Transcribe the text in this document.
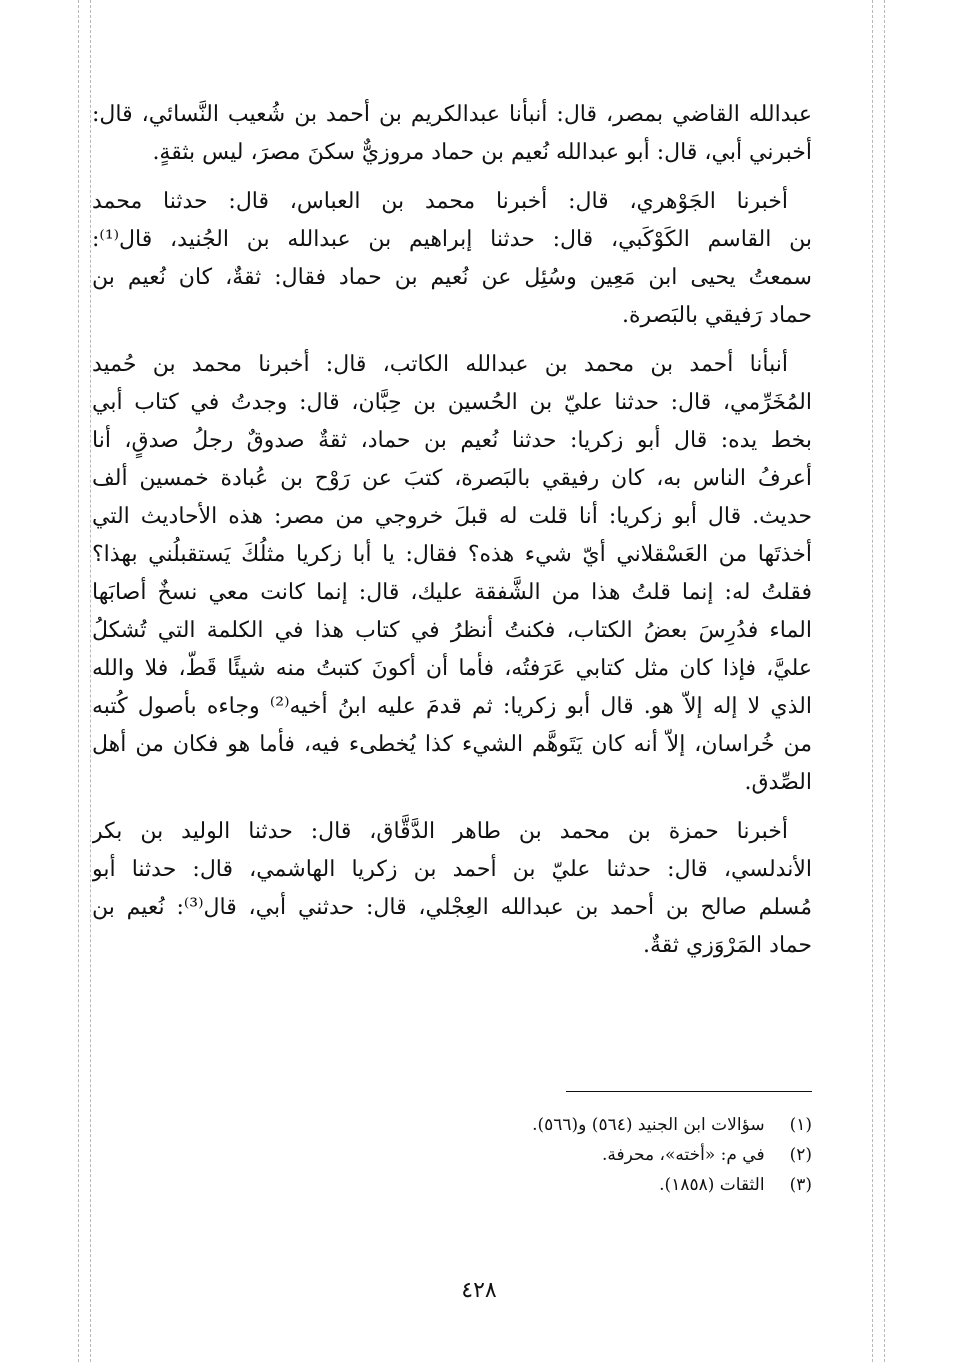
عبدالله القاضي بمصر، قال: أنبأنا عبدالكريم بن أحمد بن شُعيب النَّسائي، قال:
أخبرني أبي، قال: أبو عبدالله نُعيم بن حماد مروزيٌّ سكنَ مصرَ، ليس بثقةٍ.
أخبرنا الجَوْهري، قال: أخبرنا محمد بن العباس، قال: حدثنا محمد
بن القاسم الكَوْكَبي، قال: حدثنا إبراهيم بن عبدالله بن الجُنيد، قال⁽¹⁾:
سمعتُ يحيى ابن مَعِين وسُئِل عن نُعيم بن حماد فقال: ثقةٌ، كان نُعيم بن
حماد رَفيقي بالبَصرة.
أنبأنا أحمد بن محمد بن عبدالله الكاتب، قال: أخبرنا محمد بن حُميد
المُخَرِّمي، قال: حدثنا عليّ بن الحُسين بن حِبَّان، قال: وجدتُ في كتاب أبي
بخط يده: قال أبو زكريا: حدثنا نُعيم بن حماد، ثقةٌ صدوقٌ رجلُ صدقٍ، أنا
أعرفُ الناس به، كان رفيقي بالبَصرة، كتبَ عن رَوْح بن عُبادة خمسين ألف
حديث. قال أبو زكريا: أنا قلت له قبلَ خروجي من مصر: هذه الأحاديث التي
أخذتَها من العَسْقلاني أيّ شيء هذه؟ فقال: يا أبا زكريا مثلُكَ يَستقبلُني بهذا؟
فقلتُ له: إنما قلتُ هذا من الشَّفقة عليك، قال: إنما كانت معي نسخٌ أصابَها
الماء فدُرِسَ بعضُ الكتاب، فكنتُ أنظرُ في كتاب هذا في الكلمة التي تُشكلُ
عليَّ، فإذا كان مثل كتابي عَرَفتُه، فأما أن أكونَ كتبتُ منه شيئًا قَطّ، فلا والله
الذي لا إله إلاّ هو. قال أبو زكريا: ثم قدمَ عليه ابنُ أخيه⁽²⁾ وجاءه بأصول كُتبه
من خُراسان، إلاّ أنه كان يَتَوهَّم الشيء كذا يُخطىء فيه، فأما هو فكان من أهل
الصِّدق.
أخبرنا حمزة بن محمد بن طاهر الدَّقَّاق، قال: حدثنا الوليد بن بكر
الأندلسي، قال: حدثنا عليّ بن أحمد بن زكريا الهاشمي، قال: حدثنا أبو
مُسلم صالح بن أحمد بن عبدالله العِجْلي، قال: حدثني أبي، قال⁽³⁾: نُعيم بن
حماد المَرْوَزي ثقةٌ.
(١) سؤالات ابن الجنيد (٥٦٤) و(٥٦٦).
(٢) في م: «أخته»، محرفة.
(٣) الثقات (١٨٥٨).
٤٢٨
